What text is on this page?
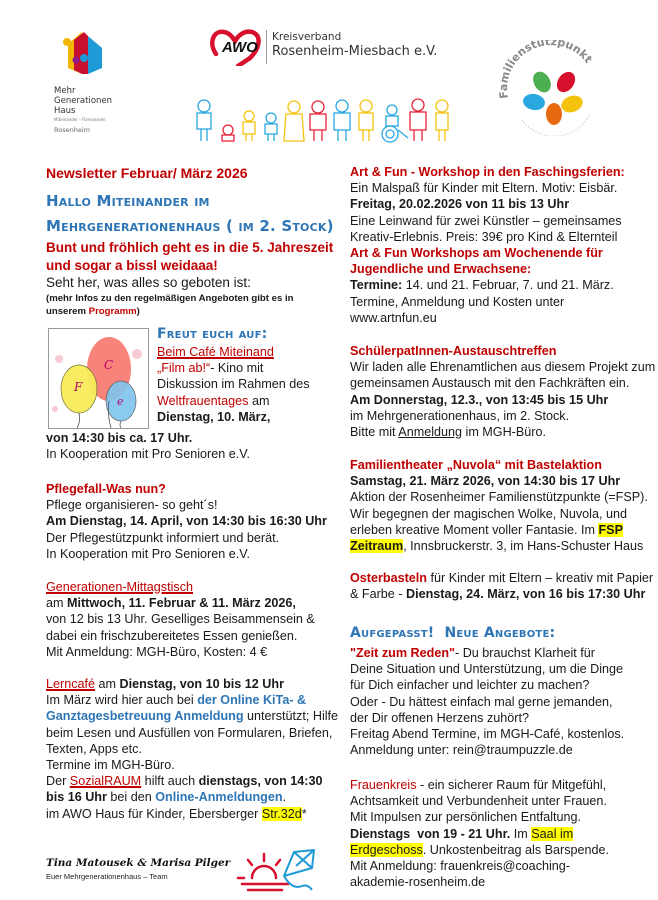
Mehr
Generationen
Haus
Miteinander - Füreinander
Rosenheim
AWO
Kreisverband
Rosenheim-Miesbach e.V.
Familienstützpunkt
Newsletter Februar/ März 2026
Hallo Miteinander im
Mehrgenerationenhaus ( im 2. Stock)
Bunt und fröhlich geht es in die 5. Jahreszeit
und sogar a bissl weidaaa!
Seht her, was alles so geboten ist:
(mehr Infos zu den regelmäßigen Angeboten gibt es in
unserem Programm)
C
F
e
Freut euch auf:
Beim Café Miteinand
„Film ab!“- Kino mit
Diskussion im Rahmen des
Weltfrauentages am
Dienstag, 10. März,
von 14:30 bis ca. 17 Uhr.
In Kooperation mit Pro Senioren e.V.
Pflegefall-Was nun?
Pflege organisieren- so geht´s!
Am Dienstag, 14. April, von 14:30 bis 16:30 Uhr
Der Pflegestützpunkt informiert und berät.
In Kooperation mit Pro Senioren e.V.
Generationen-Mittagstisch
am Mittwoch, 11. Februar & 11. März 2026,
von 12 bis 13 Uhr. Geselliges Beisammensein &
dabei ein frischzubereitetes Essen genießen.
Mit Anmeldung: MGH-Büro, Kosten: 4 €
Lerncafé am Dienstag, von 10 bis 12 Uhr
Im März wird hier auch bei der Online KiTa- &
Ganztagesbetreuung Anmeldung unterstützt; Hilfe
beim Lesen und Ausfüllen von Formularen, Briefen,
Texten, Apps etc.
Termine im MGH-Büro.
Der SozialRAUM hilft auch dienstags, von 14:30
bis 16 Uhr bei den Online-Anmeldungen.
im AWO Haus für Kinder, Ebersberger Str.32d*
Tina Matousek & Marisa Pilger
Euer Mehrgenerationenhaus – Team
Art & Fun - Workshop in den Faschingsferien:
Ein Malspaß für Kinder mit Eltern. Motiv: Eisbär.
Freitag, 20.02.2026 von 11 bis 13 Uhr
Eine Leinwand für zwei Künstler – gemeinsames
Kreativ-Erlebnis. Preis: 39€ pro Kind & Elternteil
Art & Fun Workshops am Wochenende für
Jugendliche und Erwachsene:
Termine: 14. und 21. Februar, 7. und 21. März.
Termine, Anmeldung und Kosten unter
www.artnfun.eu
SchülerpatInnen-Austauschtreffen
Wir laden alle Ehrenamtlichen aus diesem Projekt zum
gemeinsamen Austausch mit den Fachkräften ein.
Am Donnerstag, 12.3., von 13:45 bis 15 Uhr
im Mehrgenerationenhaus, im 2. Stock.
Bitte mit Anmeldung im MGH-Büro.
Familientheater „Nuvola“ mit Bastelaktion
Samstag, 21. März 2026, von 14:30 bis 17 Uhr
Aktion der Rosenheimer Familienstützpunkte (=FSP).
Wir begegnen der magischen Wolke, Nuvola, und
erleben kreative Moment voller Fantasie. Im FSP
Zeitraum, Innsbruckerstr. 3, im Hans-Schuster Haus
Osterbasteln für Kinder mit Eltern – kreativ mit Papier
& Farbe - Dienstag, 24. März, von 16 bis 17:30 Uhr
Aufgepasst!  Neue Angebote:
"Zeit zum Reden"- Du brauchst Klarheit für
Deine Situation und Unterstützung, um die Dinge
für Dich einfacher und leichter zu machen?
Oder - Du hättest einfach mal gerne jemanden,
der Dir offenen Herzens zuhört?
Freitag Abend Termine, im MGH-Café, kostenlos.
Anmeldung unter: rein@traumpuzzle.de
Frauenkreis - ein sicherer Raum für Mitgefühl,
Achtsamkeit und Verbundenheit unter Frauen.
Mit Impulsen zur persönlichen Entfaltung.
Dienstags  von 19 - 21 Uhr. Im Saal im
Erdgeschoss. Unkostenbeitrag als Barspende.
Mit Anmeldung: frauenkreis@coaching-
akademie-rosenheim.de
